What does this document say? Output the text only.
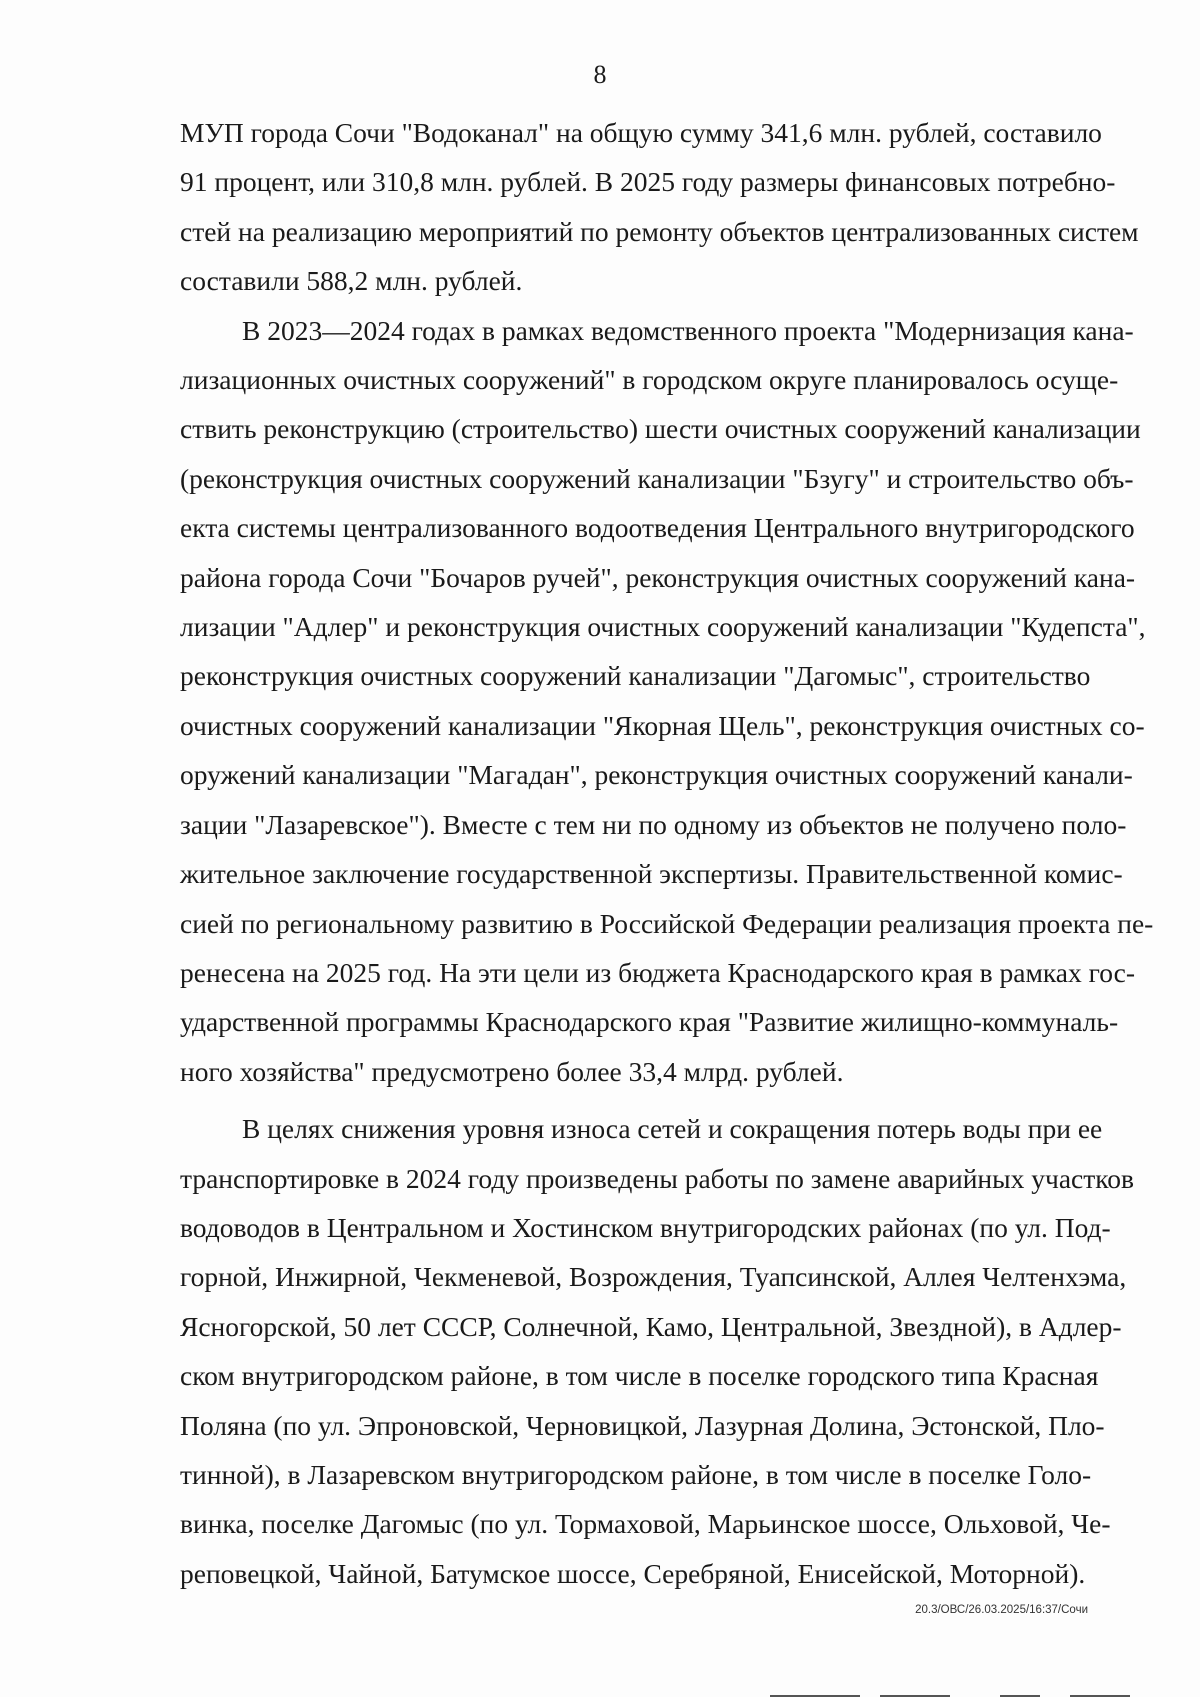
8

МУП города Сочи "Водоканал" на общую сумму 341,6 млн. рублей, составило
91 процент, или 310,8 млн. рублей. В 2025 году размеры финансовых потребно-
стей на реализацию мероприятий по ремонту объектов централизованных систем
составили 588,2 млн. рублей.

В 2023—2024 годах в рамках ведомственного проекта "Модернизация кана-
лизационных очистных сооружений" в городском округе планировалось осуще-
ствить реконструкцию (строительство) шести очистных сооружений канализации
(реконструкция очистных сооружений канализации "Бзугу" и строительство объ-
екта системы централизованного водоотведения Центрального внутригородского
района города Сочи "Бочаров ручей", реконструкция очистных сооружений кана-
лизации "Адлер" и реконструкция очистных сооружений канализации "Кудепста",
реконструкция очистных сооружений канализации "Дагомыс", строительство
очистных сооружений канализации "Якорная Щель", реконструкция очистных со-
оружений канализации "Магадан", реконструкция очистных сооружений канали-
зации "Лазаревское"). Вместе с тем ни по одному из объектов не получено поло-
жительное заключение государственной экспертизы. Правительственной комис-
сией по региональному развитию в Российской Федерации реализация проекта пе-
ренесена на 2025 год. На эти цели из бюджета Краснодарского края в рамках гос-
ударственной программы Краснодарского края "Развитие жилищно-коммуналь-
ного хозяйства" предусмотрено более 33,4 млрд. рублей.

В целях снижения уровня износа сетей и сокращения потерь воды при ее
транспортировке в 2024 году произведены работы по замене аварийных участков
водоводов в Центральном и Хостинском внутригородских районах (по ул. Под-
горной, Инжирной, Чекменевой, Возрождения, Туапсинской, Аллея Челтенхэма,
Ясногорской, 50 лет СССР, Солнечной, Камо, Центральной, Звездной), в Адлер-
ском внутригородском районе, в том числе в поселке городского типа Красная
Поляна (по ул. Эпроновской, Черновицкой, Лазурная Долина, Эстонской, Пло-
тинной), в Лазаревском внутригородском районе, в том числе в поселке Голо-
винка, поселке Дагомыс (по ул. Тормаховой, Марьинское шоссе, Ольховой, Че-
реповецкой, Чайной, Батумское шоссе, Серебряной, Енисейской, Моторной).

20.3/ОВС/26.03.2025/16:37/Сочи
